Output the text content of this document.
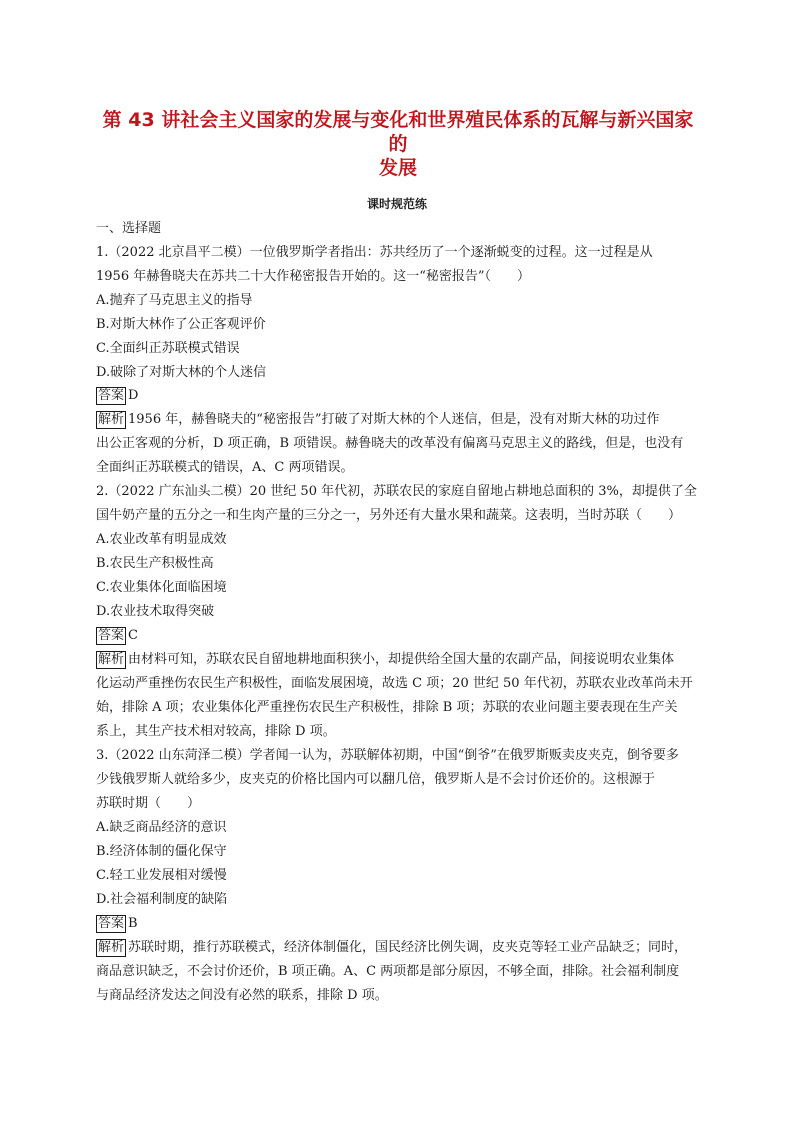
第 43 讲社会主义国家的发展与变化和世界殖民体系的瓦解与新兴国家的
发展
课时规范练
一、选择题
1.（2022 北京昌平二模）一位俄罗斯学者指出：苏共经历了一个逐渐蜕变的过程。这一过程是从
1956 年赫鲁晓夫在苏共二十大作秘密报告开始的。这一“秘密报告”（　　）
A.抛弃了马克思主义的指导
B.对斯大林作了公正客观评价
C.全面纠正苏联模式错误
D.破除了对斯大林的个人迷信
答案 D
解析 1956 年，赫鲁晓夫的“秘密报告”打破了对斯大林的个人迷信，但是，没有对斯大林的功过作
出公正客观的分析，D 项正确，B 项错误。赫鲁晓夫的改革没有偏离马克思主义的路线，但是，也没有
全面纠正苏联模式的错误，A、C 两项错误。
2.（2022 广东汕头二模）20 世纪 50 年代初，苏联农民的家庭自留地占耕地总面积的 3%，却提供了全
国牛奶产量的五分之一和生肉产量的三分之一，另外还有大量水果和蔬菜。这表明，当时苏联（　　）
A.农业改革有明显成效
B.农民生产积极性高
C.农业集体化面临困境
D.农业技术取得突破
答案 C
解析 由材料可知，苏联农民自留地耕地面积狭小，却提供给全国大量的农副产品，间接说明农业集体
化运动严重挫伤农民生产积极性，面临发展困境，故选 C 项；20 世纪 50 年代初，苏联农业改革尚未开
始，排除 A 项；农业集体化严重挫伤农民生产积极性，排除 B 项；苏联的农业问题主要表现在生产关
系上，其生产技术相对较高，排除 D 项。
3.（2022 山东菏泽二模）学者闻一认为，苏联解体初期，中国“倒爷”在俄罗斯贩卖皮夹克，倒爷要多
少钱俄罗斯人就给多少，皮夹克的价格比国内可以翻几倍，俄罗斯人是不会讨价还价的。这根源于
苏联时期（　　）
A.缺乏商品经济的意识
B.经济体制的僵化保守
C.轻工业发展相对缓慢
D.社会福利制度的缺陷
答案 B
解析 苏联时期，推行苏联模式，经济体制僵化，国民经济比例失调，皮夹克等轻工业产品缺乏；同时，
商品意识缺乏，不会讨价还价，B 项正确。A、C 两项都是部分原因，不够全面，排除。社会福利制度
与商品经济发达之间没有必然的联系，排除 D 项。
